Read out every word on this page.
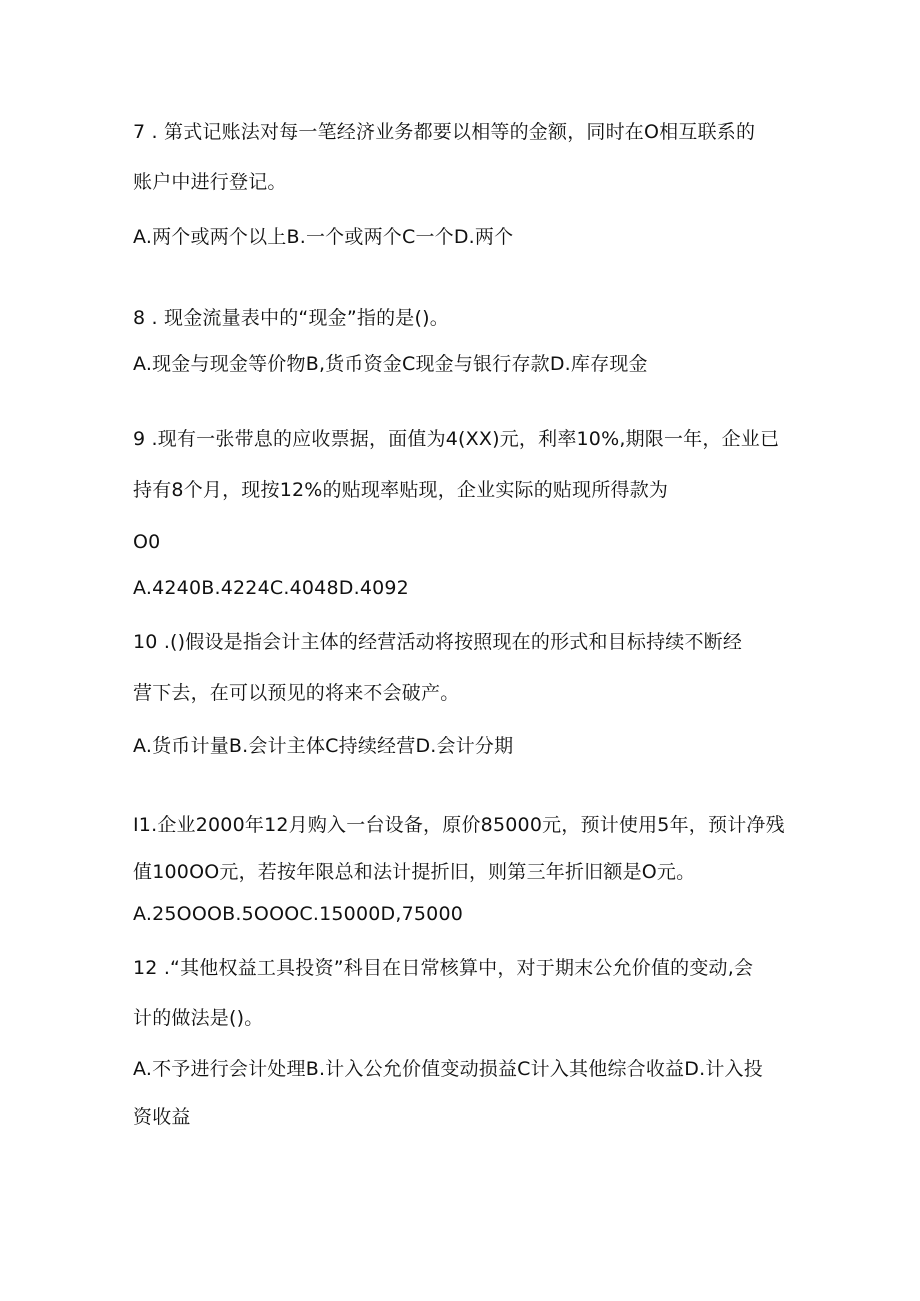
7 . 第式记账法对每一笔经济业务都要以相等的金额，同时在O相互联系的
账户中进行登记。
A.两个或两个以上B.一个或两个C一个D.两个
8 . 现金流量表中的“现金”指的是()。
A.现金与现金等价物B,货币资金C现金与银行存款D.库存现金
9 .现有一张带息的应收票据，面值为4(XX)元，利率10%,期限一年，企业已
持有8个月，现按12%的贴现率贴现，企业实际的贴现所得款为
O0
A.4240B.4224C.4048D.4092
10 .()假设是指会计主体的经营活动将按照现在的形式和目标持续不断经
营下去，在可以预见的将来不会破产。
A.货币计量B.会计主体C持续经营D.会计分期
I1.企业2000年12月购入一台设备，原价85000元，预计使用5年，预计净残
值100OO元，若按年限总和法计提折旧，则第三年折旧额是O元。
A.25OOOB.5OOOC.15000D,75000
12 .“其他权益工具投资”科目在日常核算中，对于期末公允价值的变动,会
计的做法是()。
A.不予进行会计处理B.计入公允价值变动损益C计入其他综合收益D.计入投
资收益
